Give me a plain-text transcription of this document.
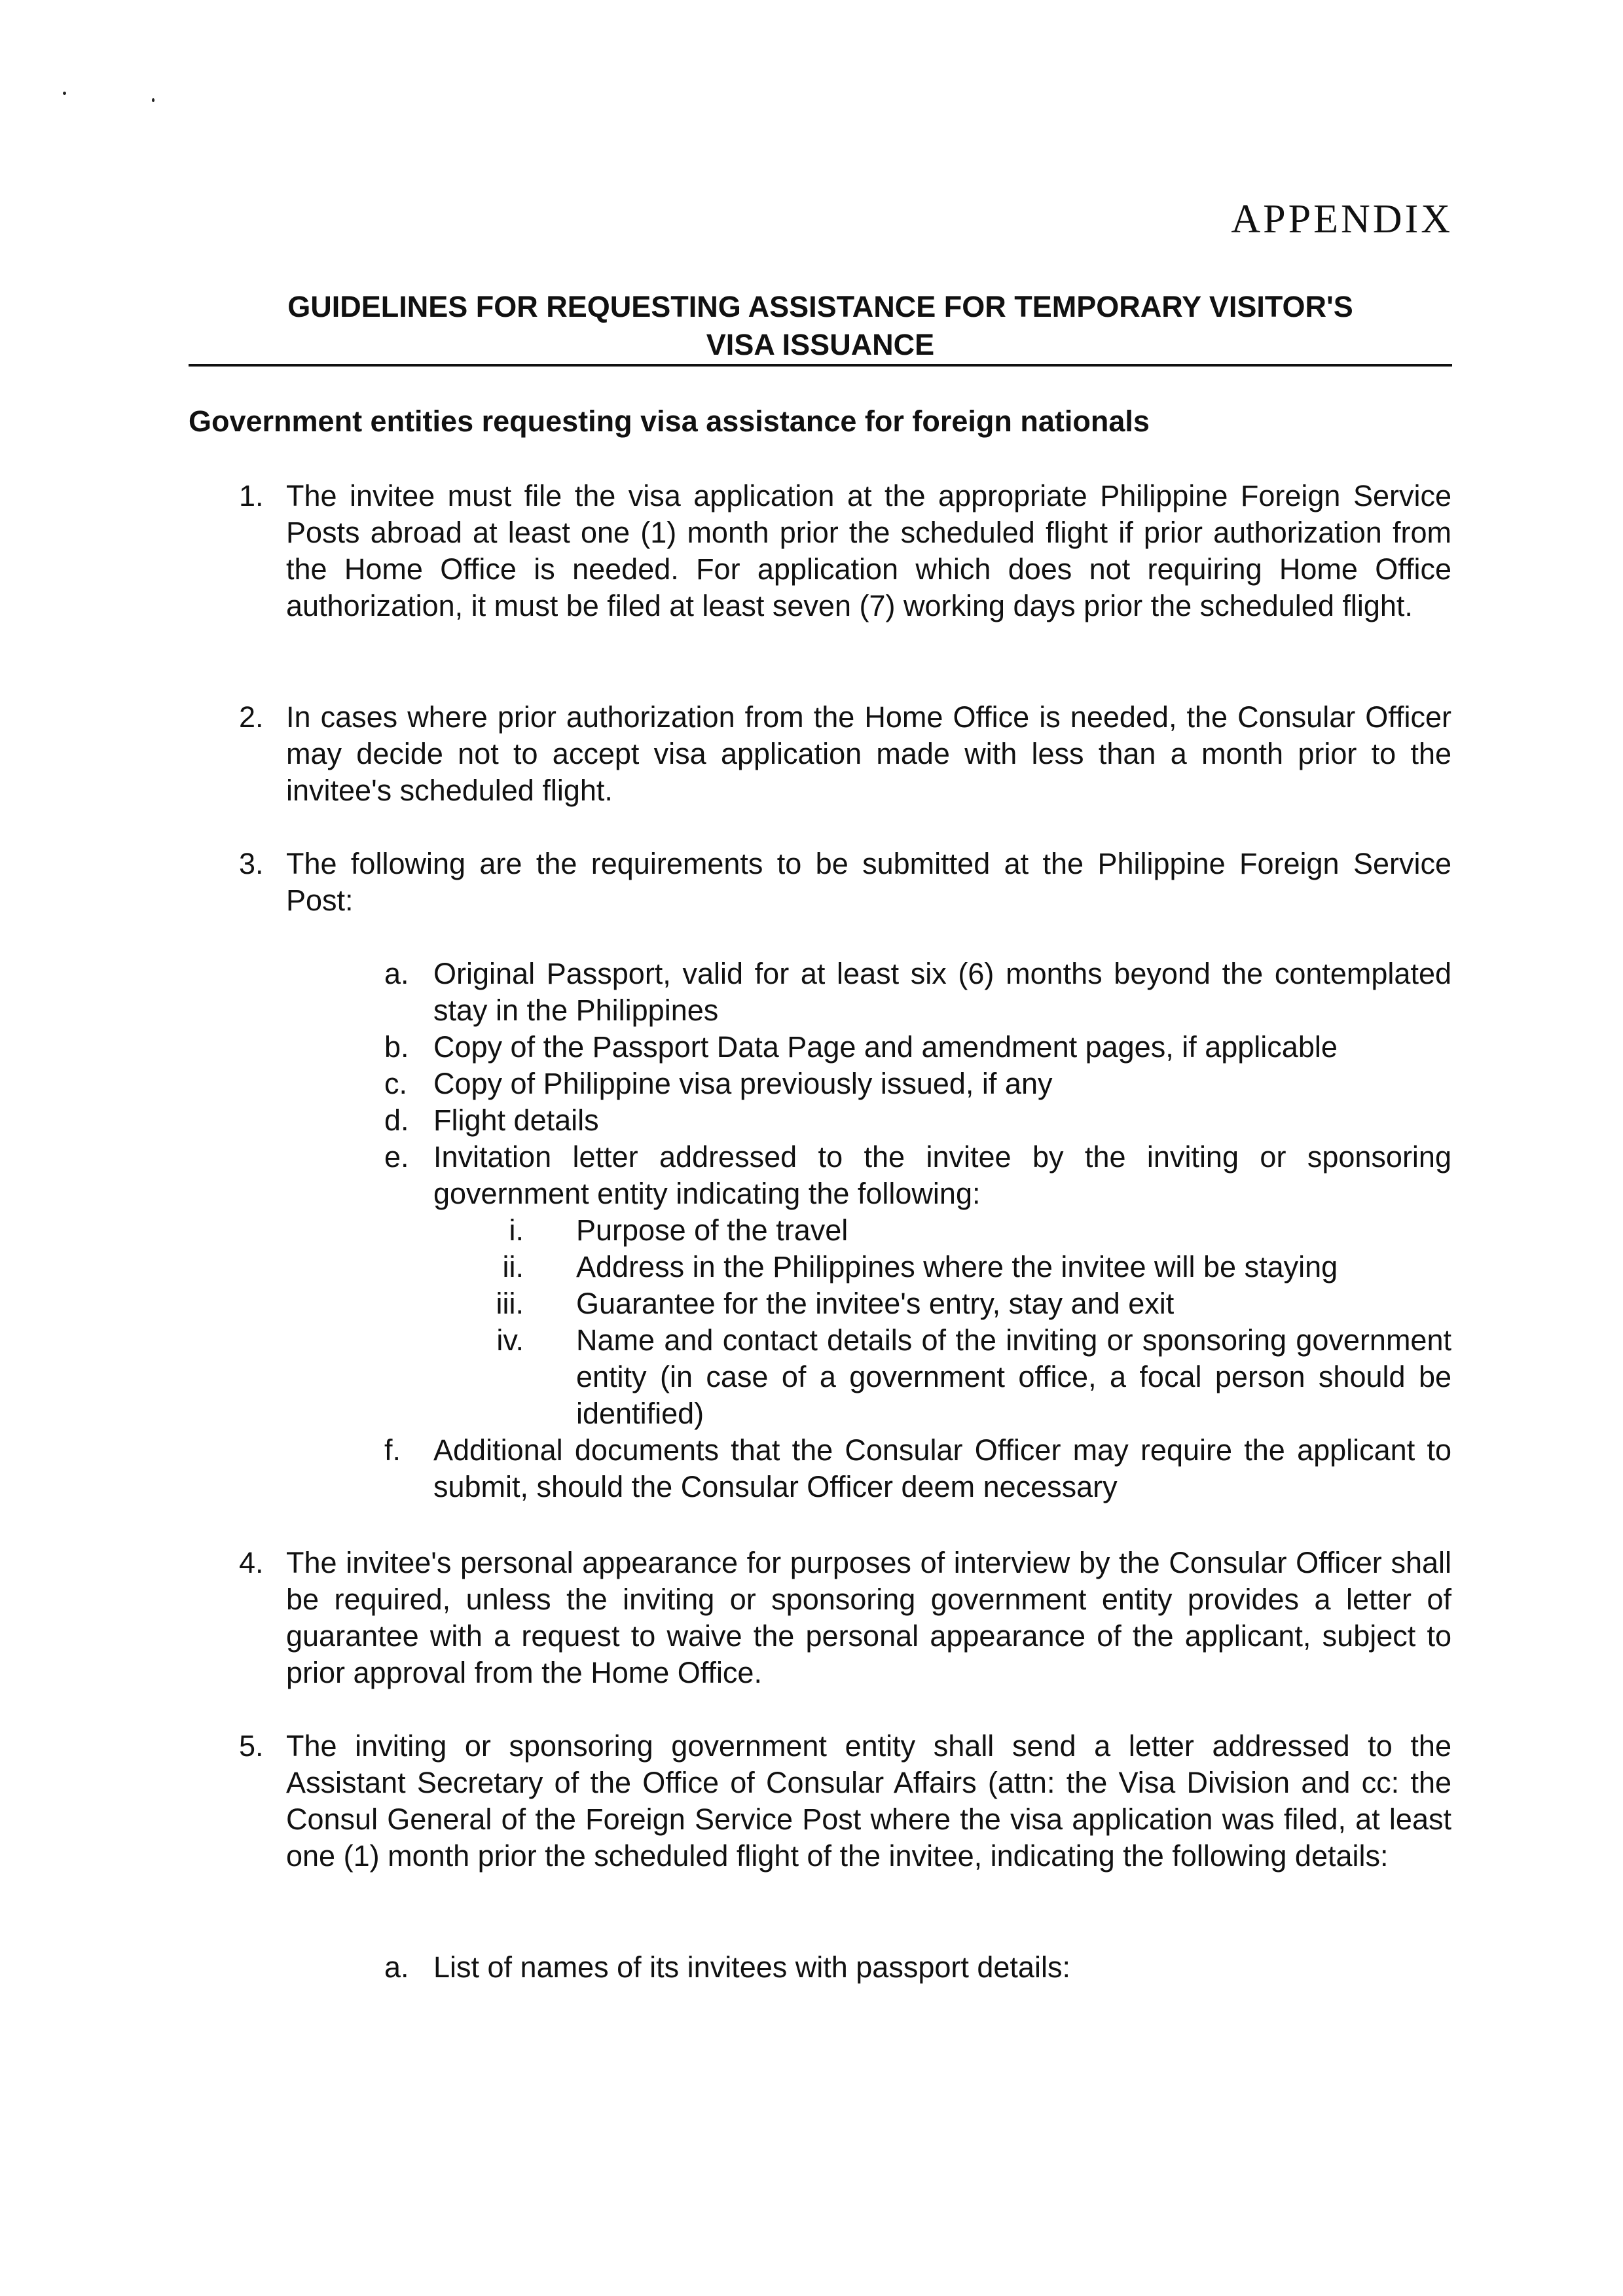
APPENDIX
GUIDELINES FOR REQUESTING ASSISTANCE FOR TEMPORARY VISITOR'S
VISA ISSUANCE
Government entities requesting visa assistance for foreign nationals
1. The invitee must file the visa application at the appropriate Philippine Foreign Service Posts abroad at least one (1) month prior the scheduled flight if prior authorization from the Home Office is needed. For application which does not requiring Home Office authorization, it must be filed at least seven (7) working days prior the scheduled flight.
2. In cases where prior authorization from the Home Office is needed, the Consular Officer may decide not to accept visa application made with less than a month prior to the invitee's scheduled flight.
3. The following are the requirements to be submitted at the Philippine Foreign Service Post:
a. Original Passport, valid for at least six (6) months beyond the contemplated stay in the Philippines
b. Copy of the Passport Data Page and amendment pages, if applicable
c. Copy of Philippine visa previously issued, if any
d. Flight details
e. Invitation letter addressed to the invitee by the inviting or sponsoring government entity indicating the following:
i. Purpose of the travel
ii. Address in the Philippines where the invitee will be staying
iii. Guarantee for the invitee's entry, stay and exit
iv. Name and contact details of the inviting or sponsoring government entity (in case of a government office, a focal person should be identified)
f. Additional documents that the Consular Officer may require the applicant to submit, should the Consular Officer deem necessary
4. The invitee's personal appearance for purposes of interview by the Consular Officer shall be required, unless the inviting or sponsoring government entity provides a letter of guarantee with a request to waive the personal appearance of the applicant, subject to prior approval from the Home Office.
5. The inviting or sponsoring government entity shall send a letter addressed to the Assistant Secretary of the Office of Consular Affairs (attn: the Visa Division and cc: the Consul General of the Foreign Service Post where the visa application was filed, at least one (1) month prior the scheduled flight of the invitee, indicating the following details:
a. List of names of its invitees with passport details:
